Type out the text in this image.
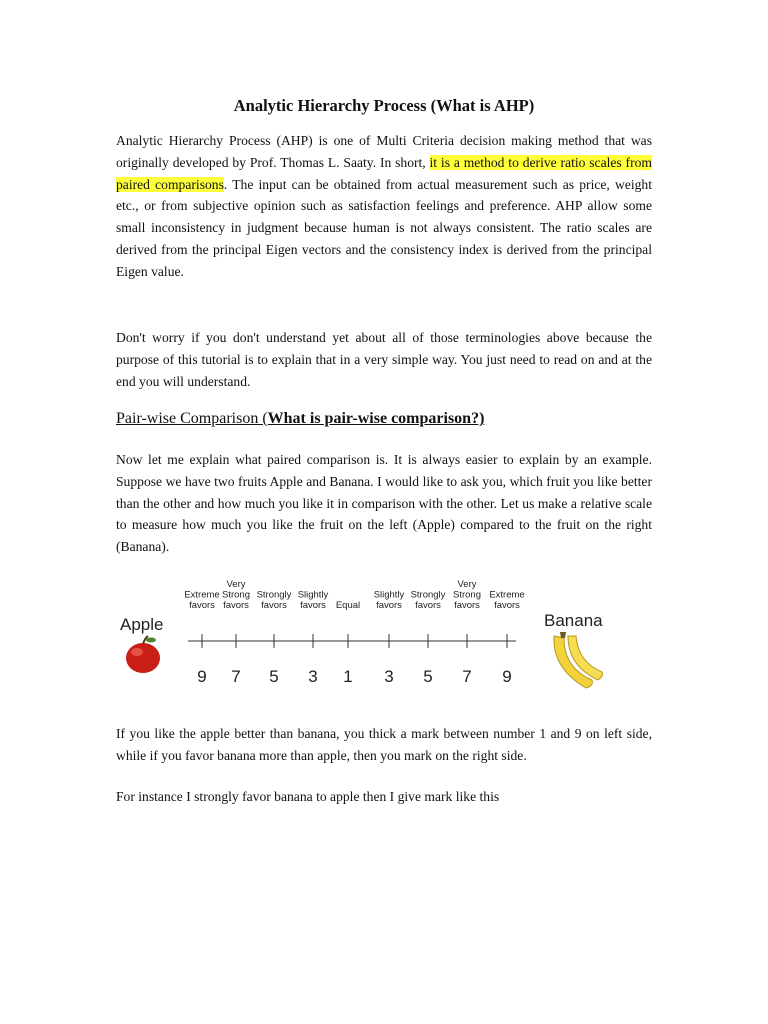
Analytic Hierarchy Process (What is AHP)

Analytic Hierarchy Process (AHP) is one of Multi Criteria decision making method that was originally developed by Prof. Thomas L. Saaty. In short, it is a method to derive ratio scales from paired comparisons. The input can be obtained from actual measurement such as price, weight etc., or from subjective opinion such as satisfaction feelings and preference. AHP allow some small inconsistency in judgment because human is not always consistent. The ratio scales are derived from the principal Eigen vectors and the consistency index is derived from the principal Eigen value.

Don't worry if you don't understand yet about all of those terminologies above because the purpose of this tutorial is to explain that in a very simple way. You just need to read on and at the end you will understand.

Pair-wise Comparison (What is pair-wise comparison?)

Now let me explain what paired comparison is. It is always easier to explain by an example. Suppose we have two fruits Apple and Banana. I would like to ask you, which fruit you like better than the other and how much you like it in comparison with the other. Let us make a relative scale to measure how much you like the fruit on the left (Apple) compared to the fruit on the right (Banana).

Apple
Extreme
favors
Very
Strong
favors
Strongly
favors
Slightly
favors Equal
Slightly
favors
Strongly
favors
Very
Strong
favors
Extreme
favors
9 7 5 3 1 3 5 7 9
Banana

If you like the apple better than banana, you thick a mark between number 1 and 9 on left side, while if you favor banana more than apple, then you mark on the right side.

For instance I strongly favor banana to apple then I give mark like this
